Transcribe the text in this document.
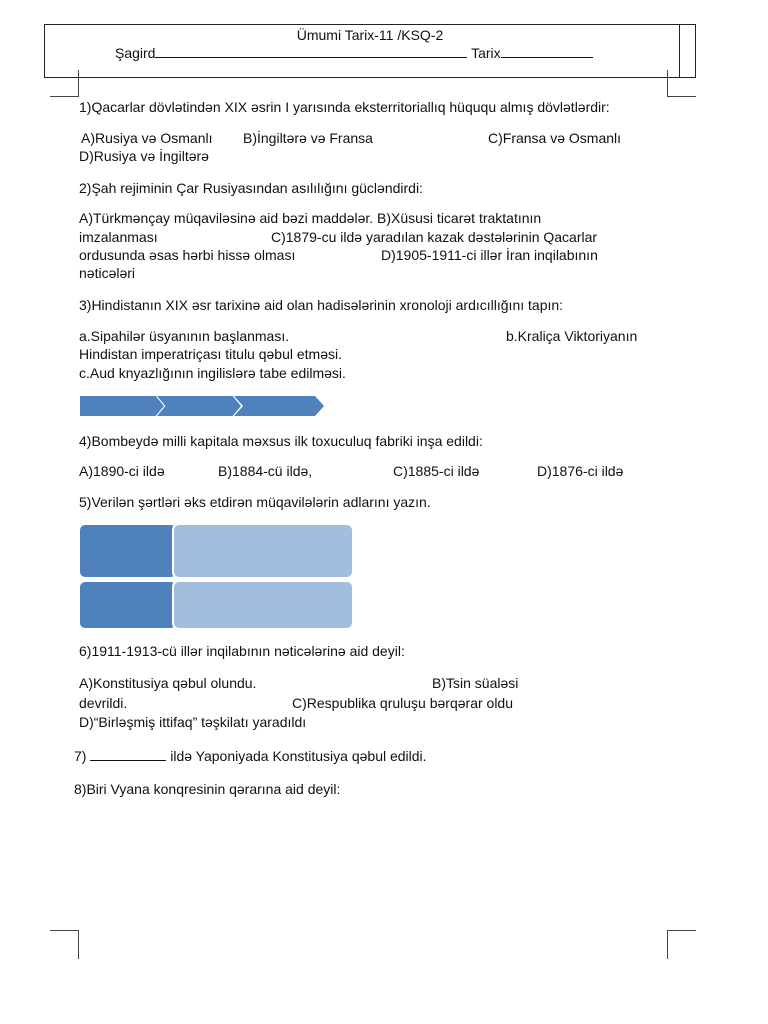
Ümumi Tarix-11 /KSQ-2
Şagird	Tarix
1)Qacarlar dövlətindən XIX əsrin I yarısında eksterritoriallıq hüququ almış dövlətlərdir:
A)Rusiya və Osmanlı B)İngiltərə və Fransa	C)Fransa və Osmanlı
D)Rusiya və İngiltərə
2)Şah rejiminin Çar Rusiyasından asılılığını gücləndirdi:
A)Türkmənçay müqaviləsinə aid bəzi maddələr. B)Xüsusi ticarət traktatının
imzalanması	C)1879-cu ildə yaradılan kazak dəstələrinin Qacarlar
ordusunda əsas hərbi hissə olması	D)1905-1911-ci illər İran inqilabının
nəticələri
3)Hindistanın XIX əsr tarixinə aid olan hadisələrinin xronoloji ardıcıllığını tapın:
a.Sipahilər üsyanının başlanması.	b.Kraliça Viktoriyanın
Hindistan imperatriçası titulu qəbul etməsi.
c.Aud knyazlığının ingilislərə tabe edilməsi.
4)Bombeydə milli kapitala məxsus ilk toxuculuq fabriki inşa edildi:
A)1890-ci ildə	B)1884-cü ildə,	C)1885-ci ildə	D)1876-ci ildə
5)Verilən şərtləri əks etdirən müqavilələrin adlarını yazın.
6)1911-1913-cü illər inqilabının nəticələrinə aid deyil:
A)Konstitusiya qəbul olundu.	B)Tsin süaləsi
devrildi.	C)Respublika qruluşu bərqərar oldu
D)“Birləşmiş ittifaq” təşkilatı yaradıldı
7)	ildə Yaponiyada Konstitusiya qəbul edildi.
8)Biri Vyana konqresinin qərarına aid deyil:
